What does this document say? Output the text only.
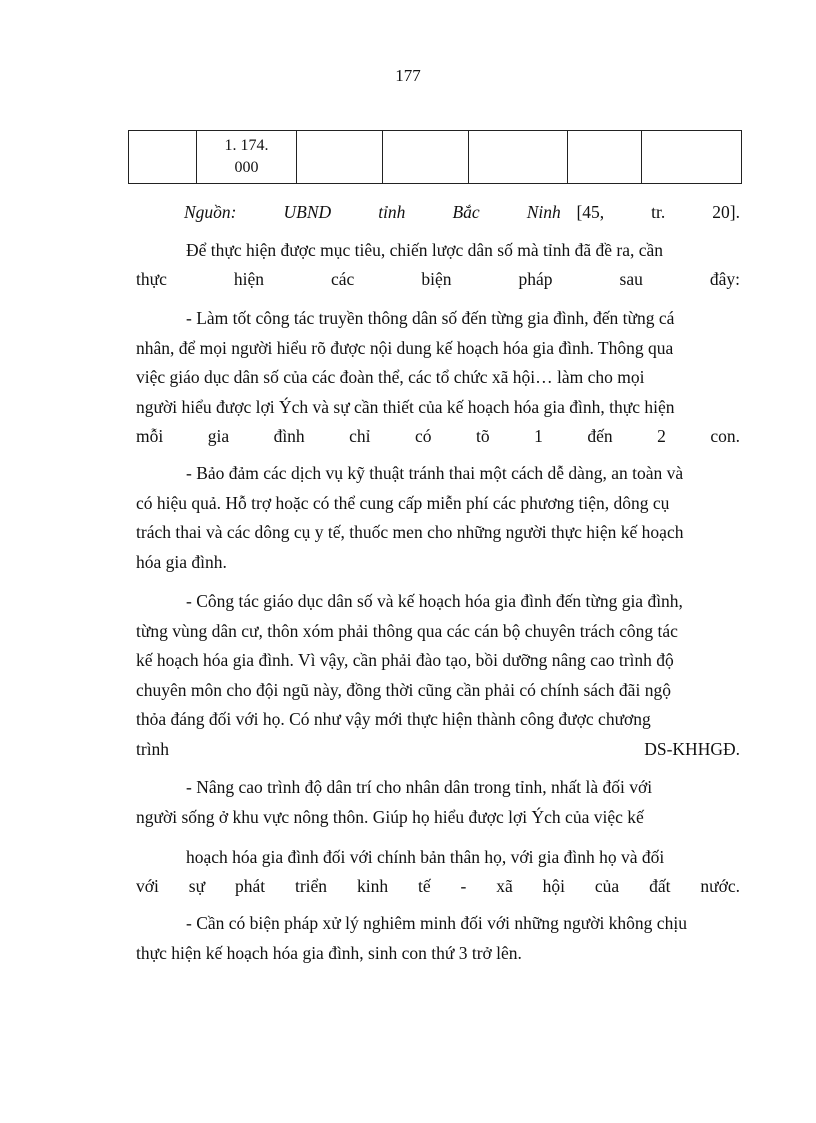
177
	1. 174.
000					
Nguồn:   UBND   tỉnh   Bắc   Ninh [45,   tr.   20].
Để thực hiện được mục tiêu, chiến lược dân số mà tỉnh đã đề ra, cần
thực hiện các biện pháp sau đây:
- Làm tốt công tác truyền thông dân số đến từng gia đình, đến từng cá
nhân, để mọi người hiểu rõ được nội dung kế hoạch hóa gia đình. Thông qua
việc giáo dục dân số của các đoàn thể, các tổ chức xã hội… làm cho mọi
người hiểu được lợi Ých và sự cần thiết của kế hoạch hóa gia đình, thực hiện
mỗi gia đình chỉ có tõ 1 đến 2 con.
- Bảo đảm các dịch vụ kỹ thuật tránh thai một cách dễ dàng, an toàn và
có hiệu quả. Hỗ trợ hoặc có thể cung cấp miễn phí các phương tiện, dông cụ
trách thai và các dông cụ y tế, thuốc men cho những người thực hiện kế hoạch
hóa gia đình.
- Công tác giáo dục dân số và kế hoạch hóa gia đình đến từng gia đình,
từng vùng dân cư, thôn xóm phải thông qua các cán bộ chuyên trách công tác
kế hoạch hóa gia đình. Vì vậy, cần phải đào tạo, bồi dưỡng nâng cao trình độ
chuyên môn cho đội ngũ này, đồng thời cũng cần phải có chính sách đãi ngộ
thỏa đáng đối với họ. Có như vậy mới thực hiện thành công được chương
trình DS-KHHGĐ.
- Nâng cao trình độ dân trí cho nhân dân trong tỉnh, nhất là đối với
người sống ở khu vực nông thôn. Giúp họ hiểu được lợi Ých của việc kế
hoạch hóa gia đình đối với chính bản thân họ, với gia đình họ và đối
với sự phát triển kinh tế - xã hội của đất nước.
- Cần có biện pháp xử lý nghiêm minh đối với những người không chịu
thực hiện kế hoạch hóa gia đình, sinh con thứ 3 trở lên.
